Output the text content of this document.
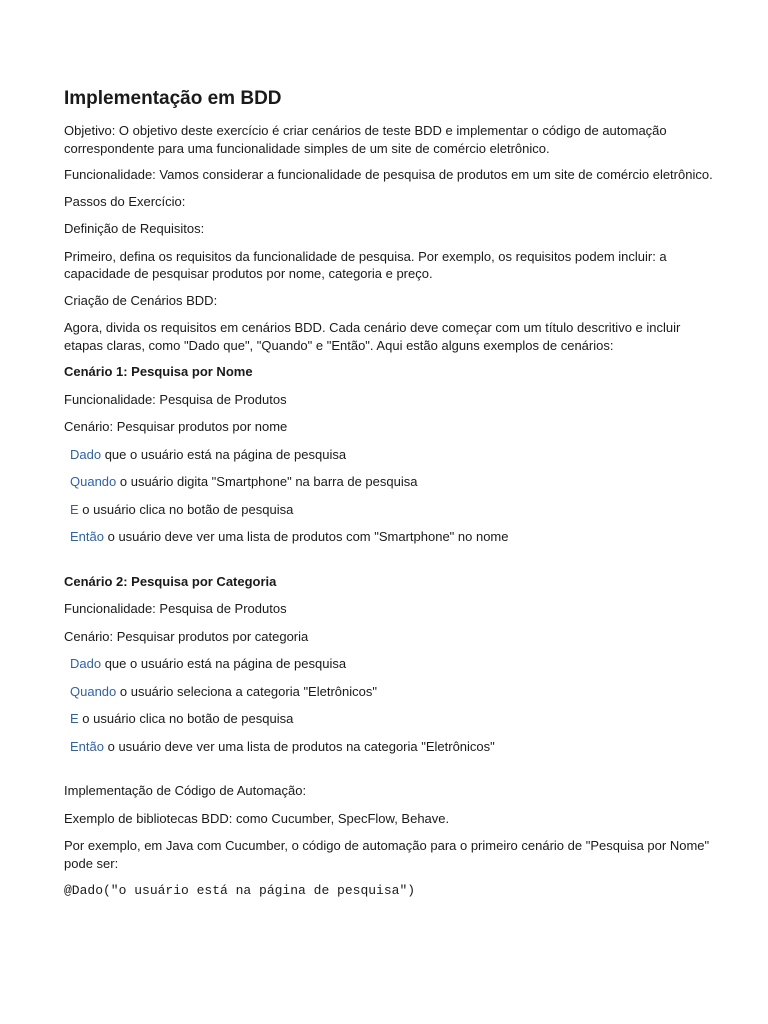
Implementação em BDD

Objetivo: O objetivo deste exercício é criar cenários de teste BDD e implementar o código de automação correspondente para uma funcionalidade simples de um site de comércio eletrônico.

Funcionalidade: Vamos considerar a funcionalidade de pesquisa de produtos em um site de comércio eletrônico.

Passos do Exercício:

Definição de Requisitos:

Primeiro, defina os requisitos da funcionalidade de pesquisa. Por exemplo, os requisitos podem incluir: a capacidade de pesquisar produtos por nome, categoria e preço.

Criação de Cenários BDD:

Agora, divida os requisitos em cenários BDD. Cada cenário deve começar com um título descritivo e incluir etapas claras, como "Dado que", "Quando" e "Então". Aqui estão alguns exemplos de cenários:

Cenário 1: Pesquisa por Nome

Funcionalidade: Pesquisa de Produtos

Cenário: Pesquisar produtos por nome

Dado que o usuário está na página de pesquisa

Quando o usuário digita "Smartphone" na barra de pesquisa

E o usuário clica no botão de pesquisa

Então o usuário deve ver uma lista de produtos com "Smartphone" no nome

Cenário 2: Pesquisa por Categoria

Funcionalidade: Pesquisa de Produtos

Cenário: Pesquisar produtos por categoria

Dado que o usuário está na página de pesquisa

Quando o usuário seleciona a categoria "Eletrônicos"

E o usuário clica no botão de pesquisa

Então o usuário deve ver uma lista de produtos na categoria "Eletrônicos"

Implementação de Código de Automação:

Exemplo de bibliotecas BDD: como Cucumber, SpecFlow, Behave.

Por exemplo, em Java com Cucumber, o código de automação para o primeiro cenário de "Pesquisa por Nome" pode ser:

@Dado("o usuário está na página de pesquisa")
